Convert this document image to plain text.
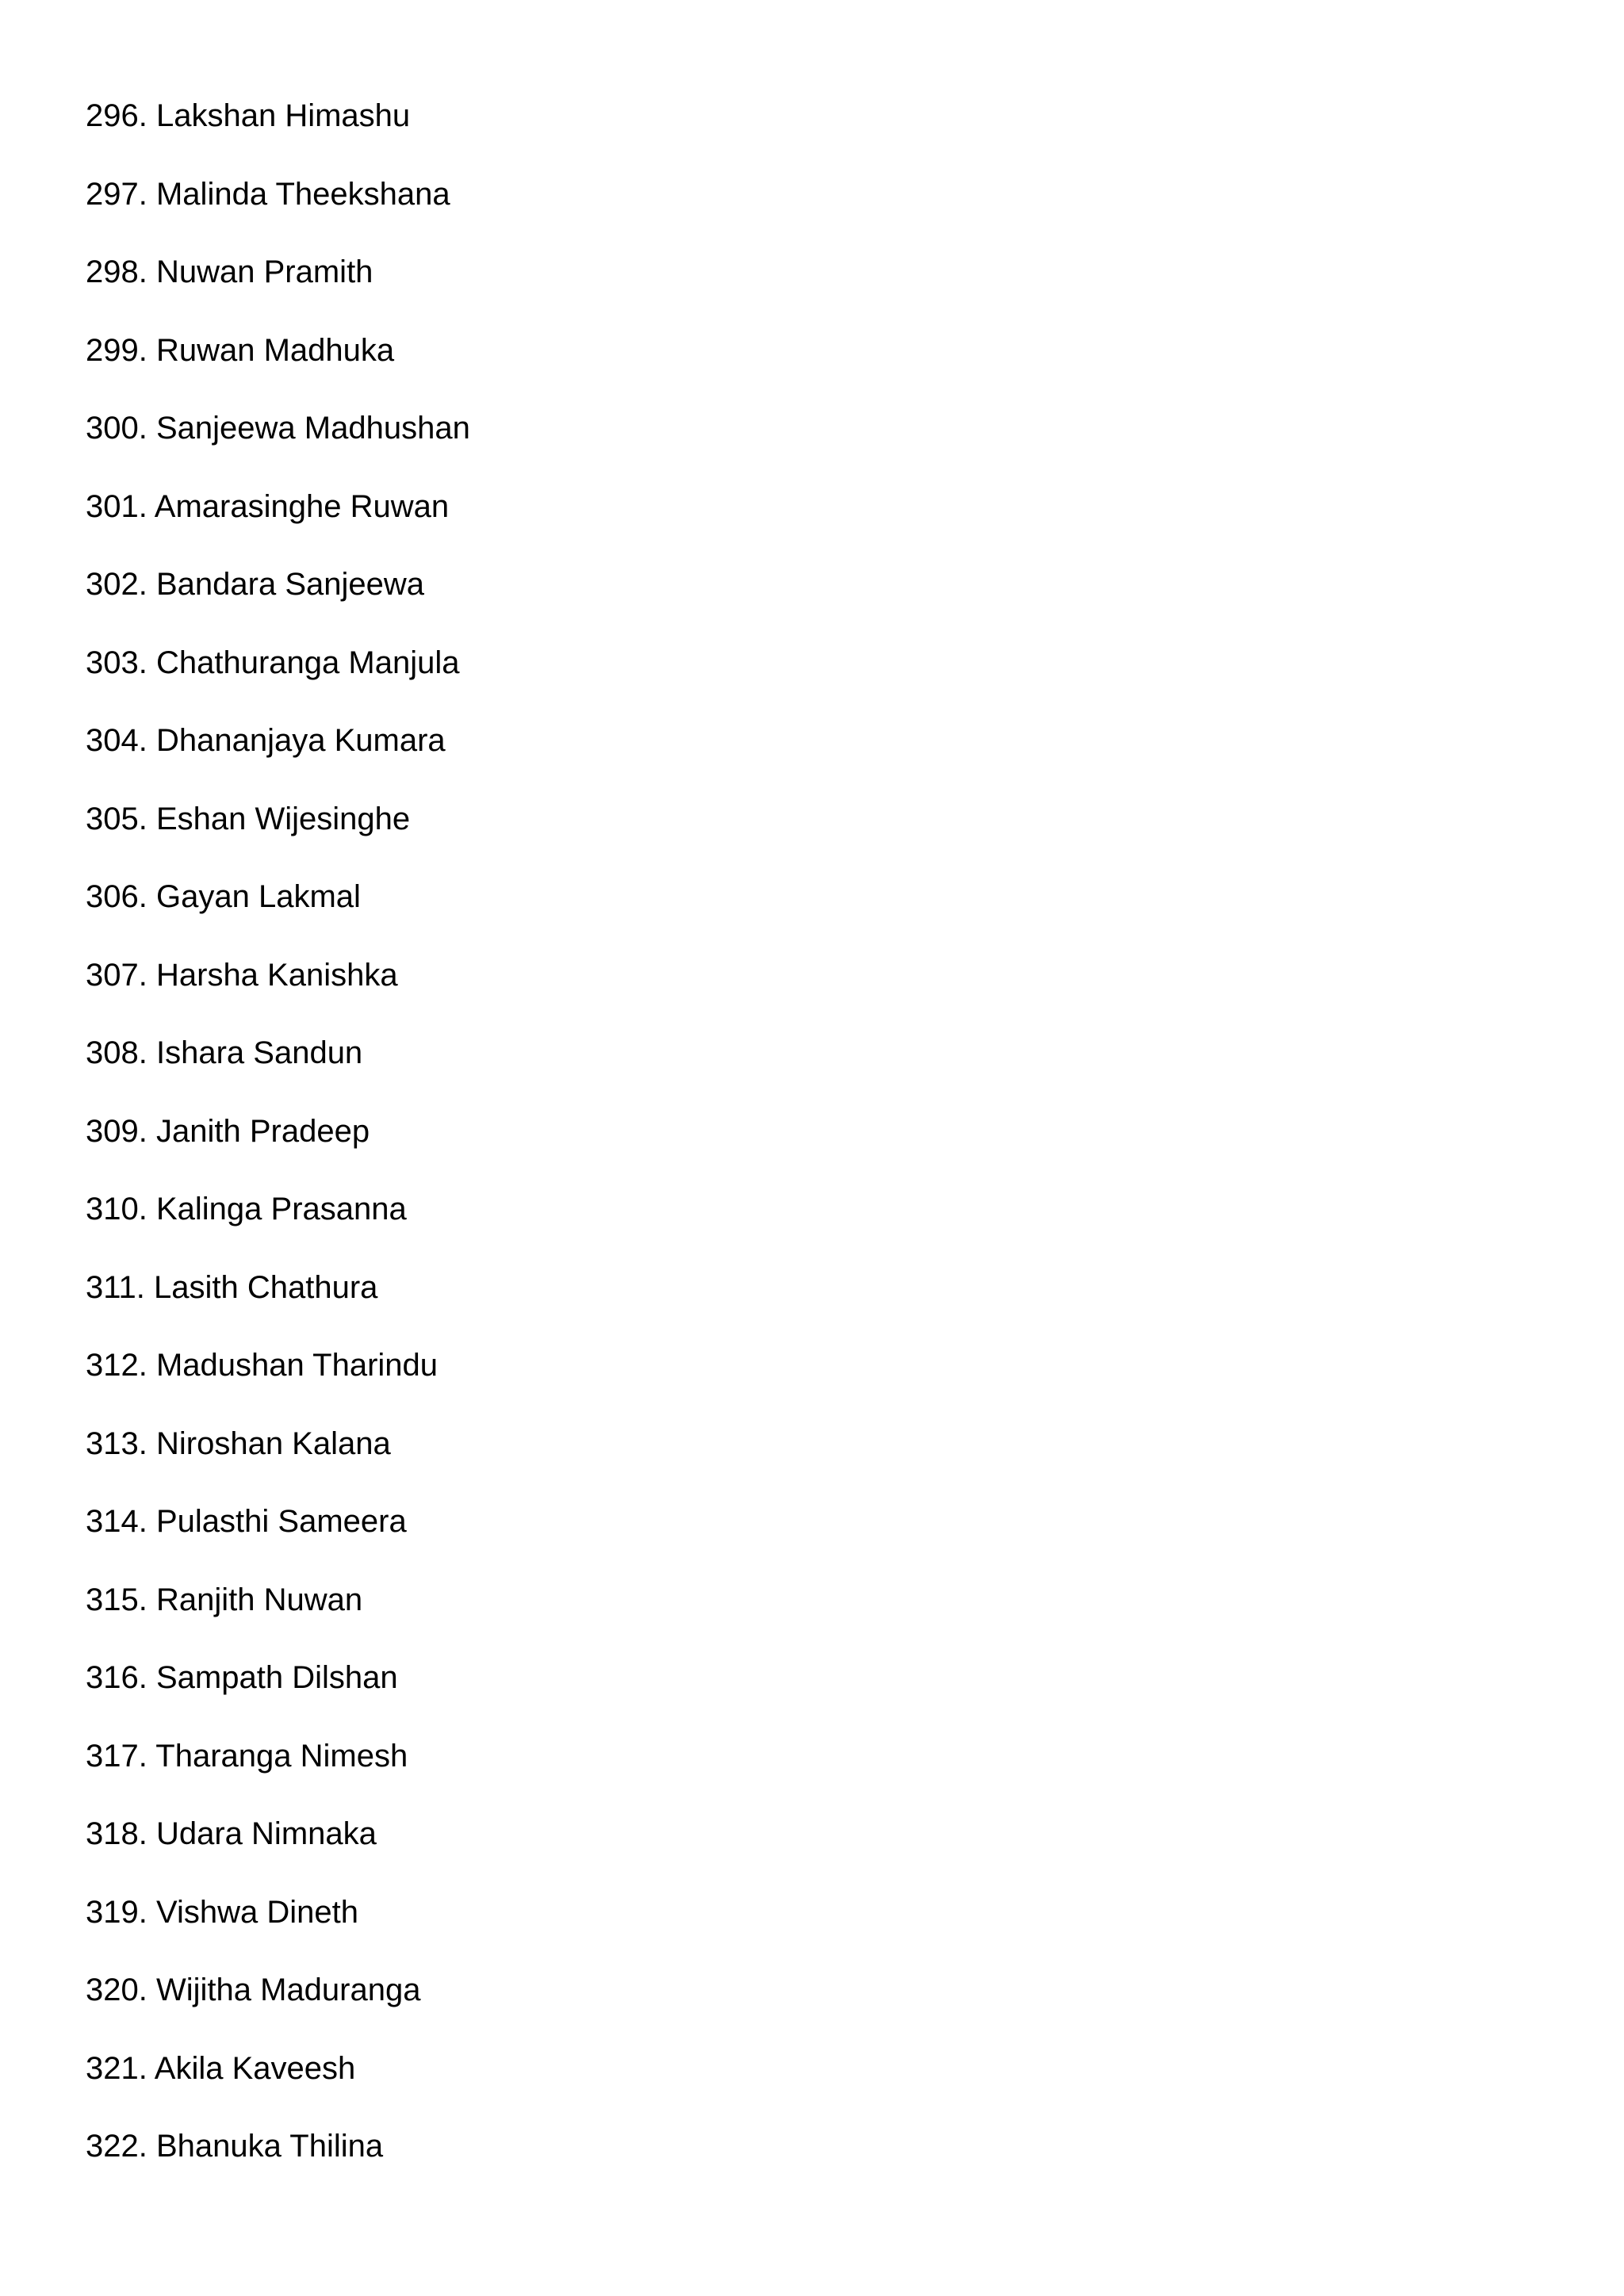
296 . Lakshan Himashu
297 . Malinda Theekshana
298 . Nuwan Pramith
299 . Ruwan Madhuka
300 . Sanjeewa Madhushan
301 . Amarasinghe Ruwan
302 . Bandara Sanjeewa
303 . Chathuranga Manjula
304 . Dhananjaya Kumara
305 . Eshan Wijesinghe
306 . Gayan Lakmal
307 . Harsha Kanishka
308 . Ishara Sandun
309 . Janith Pradeep
310 . Kalinga Prasanna
311 . Lasith Chathura
312 . Madushan Tharindu
313 . Niroshan Kalana
314 . Pulasthi Sameera
315 . Ranjith Nuwan
316 . Sampath Dilshan
317 . Tharanga Nimesh
318 . Udara Nimnaka
319 . Vishwa Dineth
320 . Wijitha Maduranga
321 . Akila Kaveesh
322 . Bhanuka Thilina
